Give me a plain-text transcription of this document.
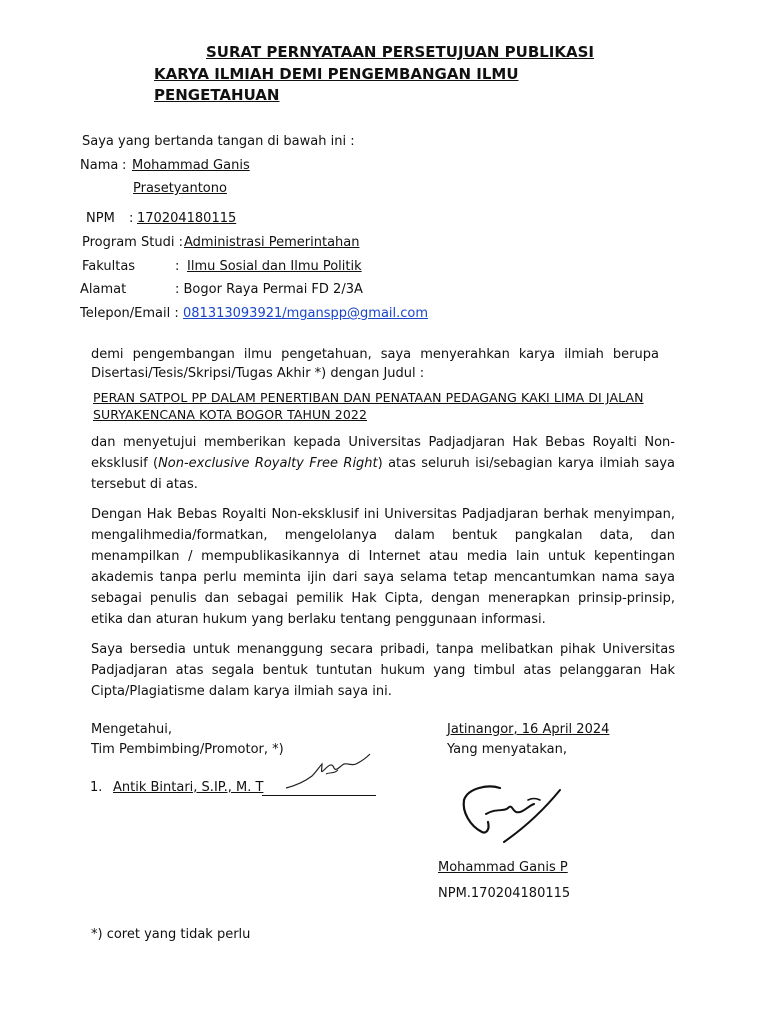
SURAT PERNYATAAN PERSETUJUAN PUBLIKASI
KARYA ILMIAH DEMI PENGEMBANGAN ILMU
PENGETAHUAN
Saya yang bertanda tangan di bawah ini :
Nama : Mohammad Ganis
Prasetyantono
NPM : 170204180115
Program Studi : Administrasi Pemerintahan
Fakultas	: Ilmu Sosial dan Ilmu Politik
Alamat	: Bogor Raya Permai FD 2/3A
Telepon/Email : 081313093921/mganspp@gmail.com
demi pengembangan ilmu pengetahuan, saya menyerahkan karya ilmiah berupa
Disertasi/Tesis/Skripsi/Tugas Akhir *) dengan Judul :
PERAN SATPOL PP DALAM PENERTIBAN DAN PENATAAN PEDAGANG KAKI LIMA DI JALAN
SURYAKENCANA KOTA BOGOR TAHUN 2022
dan menyetujui memberikan kepada Universitas Padjadjaran Hak Bebas Royalti Non-eksklusif (Non-exclusive Royalty Free Right) atas seluruh isi/sebagian karya ilmiah saya tersebut di atas.
Dengan Hak Bebas Royalti Non-eksklusif ini Universitas Padjadjaran berhak menyimpan, mengalihmedia/formatkan, mengelolanya dalam bentuk pangkalan data, dan menampilkan / mempublikasikannya di Internet atau media lain untuk kepentingan akademis tanpa perlu meminta ijin dari saya selama tetap mencantumkan nama saya sebagai penulis dan sebagai pemilik Hak Cipta, dengan menerapkan prinsip-prinsip, etika dan aturan hukum yang berlaku tentang penggunaan informasi.
Saya bersedia untuk menanggung secara pribadi, tanpa melibatkan pihak Universitas Padjadjaran atas segala bentuk tuntutan hukum yang timbul atas pelanggaran Hak Cipta/Plagiatisme dalam karya ilmiah saya ini.
Mengetahui,
Tim Pembimbing/Promotor, *)
1. Antik Bintari, S.IP., M. T
Jatinangor, 16 April 2024
Yang menyatakan,
Mohammad Ganis P
NPM.170204180115
*) coret yang tidak perlu
